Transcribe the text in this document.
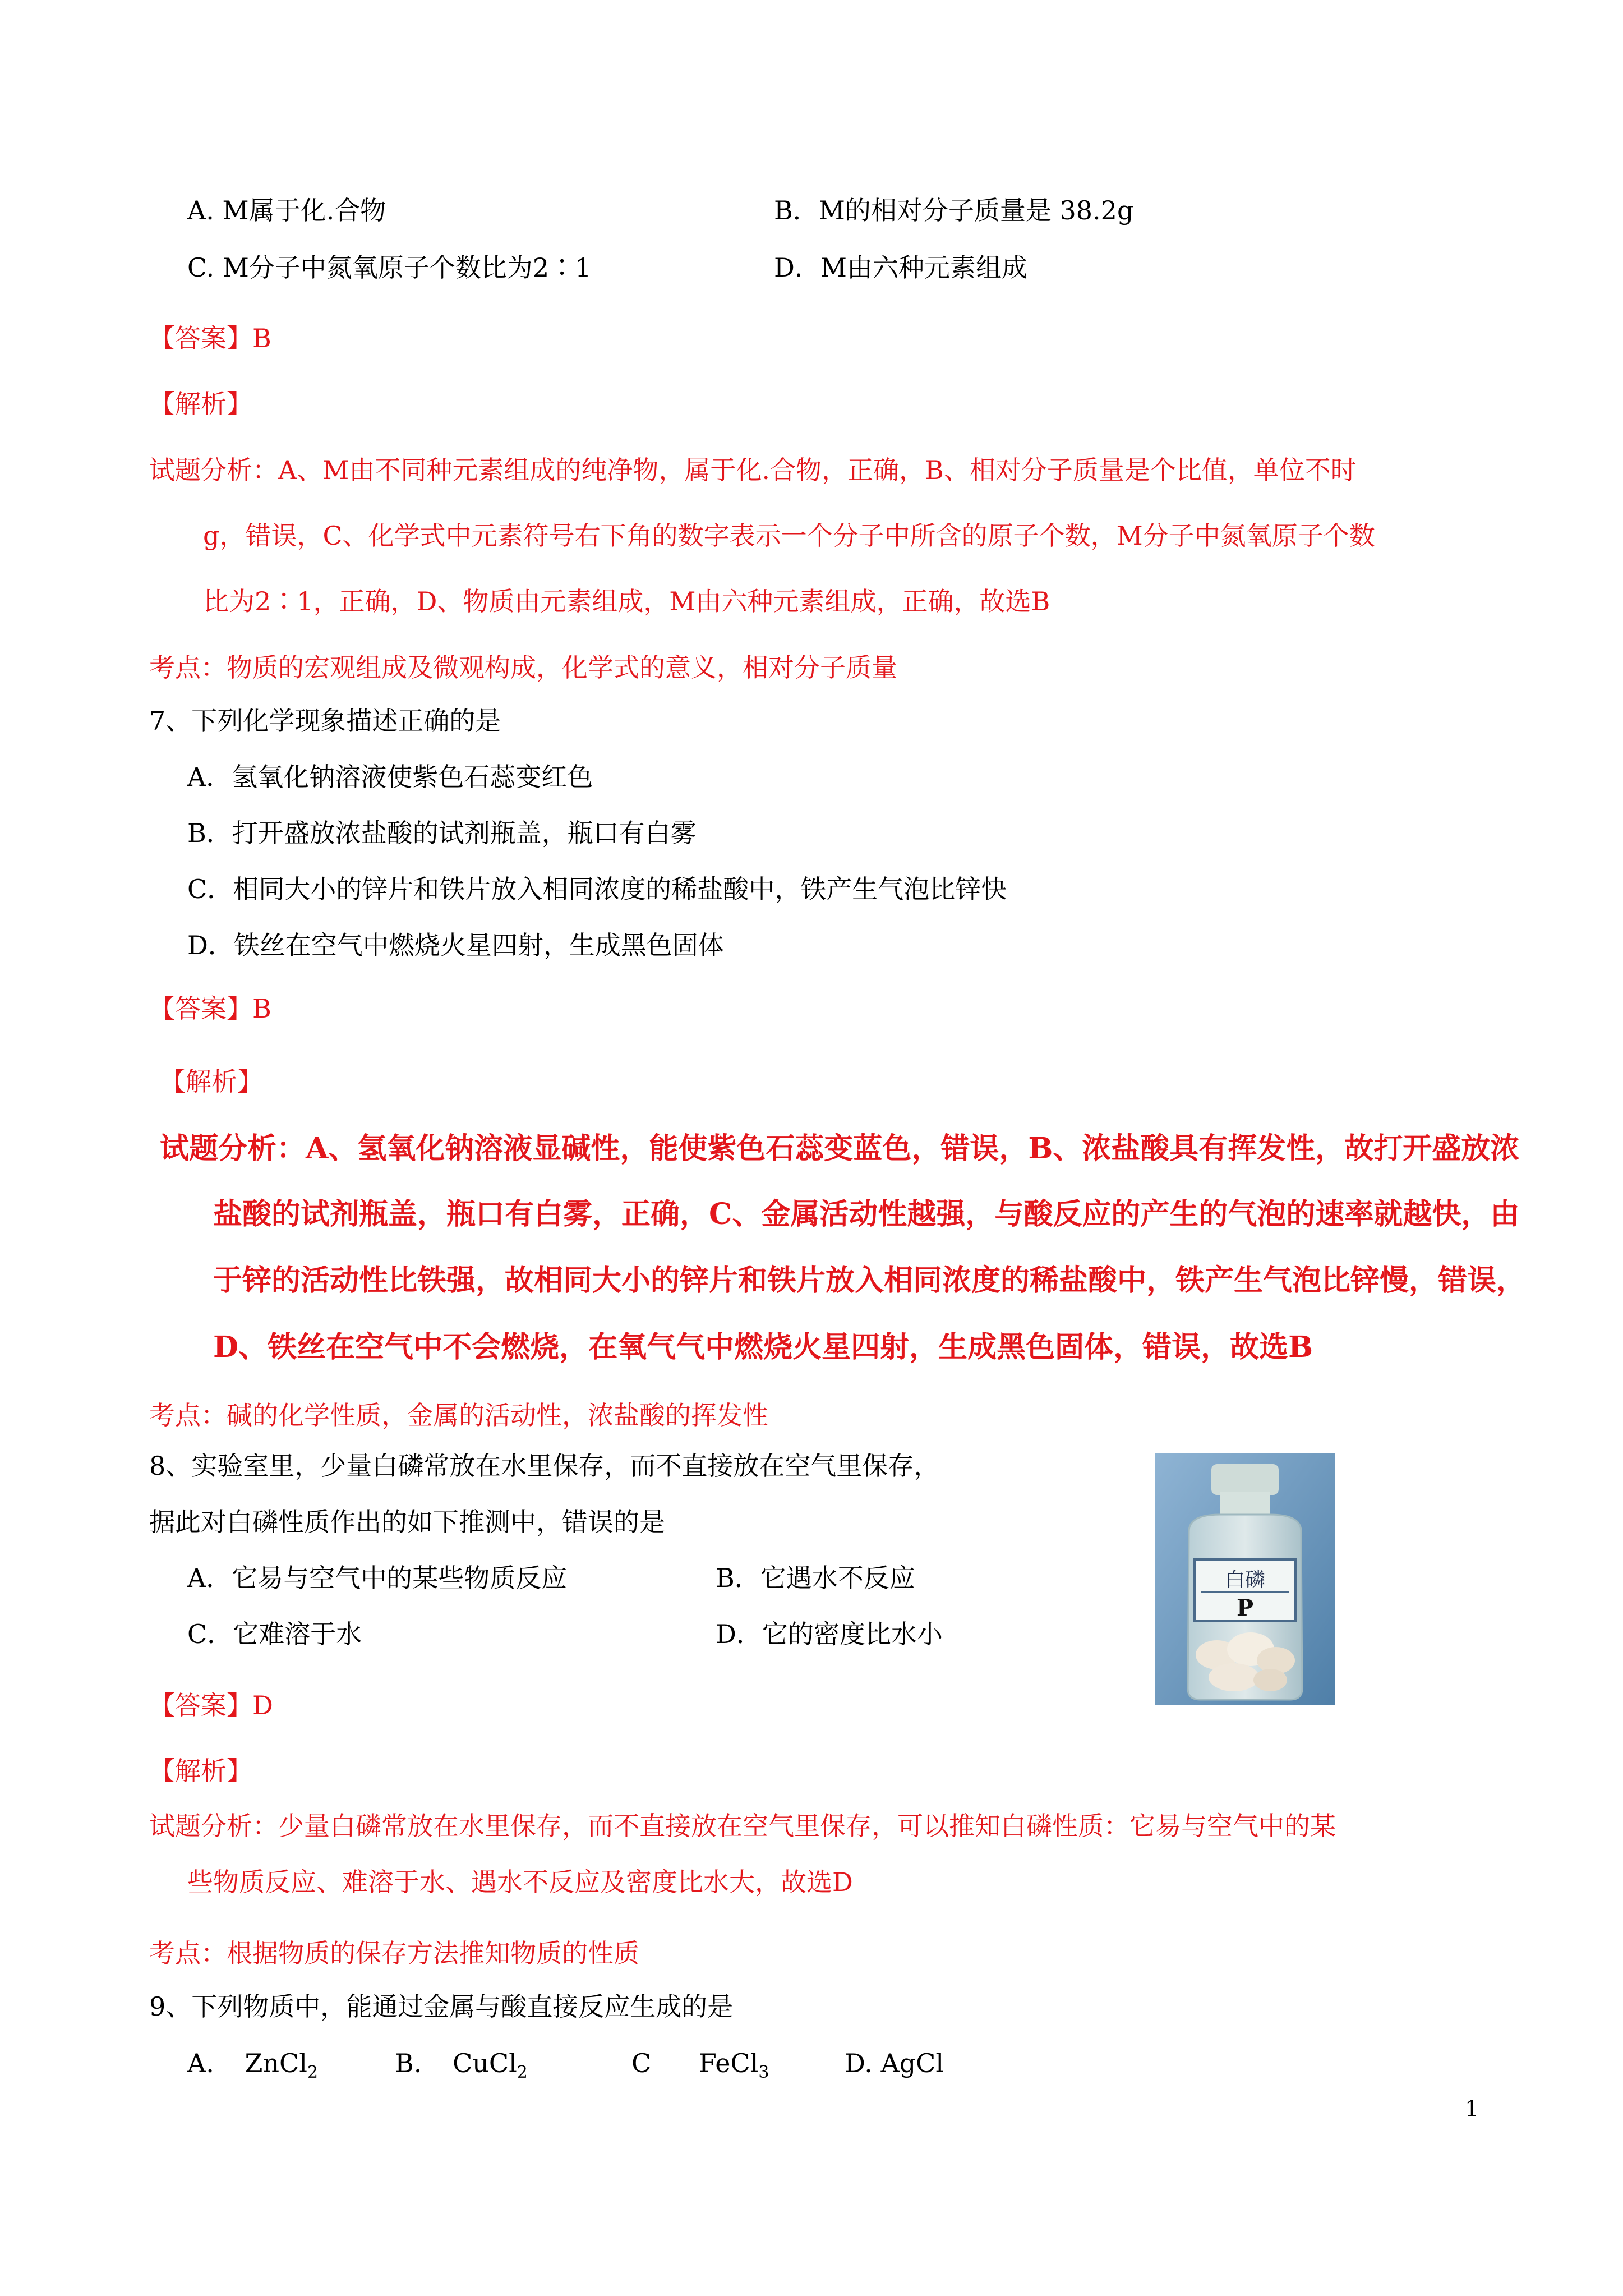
A. M属于化.合物	B．M的相对分子质量是 38.2g
C. M分子中氮氧原子个数比为2∶1	D．M由六种元素组成
【答案】B
【解析】
试题分析：A、M由不同种元素组成的纯净物，属于化.合物，正确，B、相对分子质量是个比值，单位不时
g，错误，C、化学式中元素符号右下角的数字表示一个分子中所含的原子个数，M分子中氮氧原子个数
比为2∶1，正确，D、物质由元素组成，M由六种元素组成，正确，故选B
考点：物质的宏观组成及微观构成，化学式的意义，相对分子质量
7、下列化学现象描述正确的是
A．氢氧化钠溶液使紫色石蕊变红色
B．打开盛放浓盐酸的试剂瓶盖，瓶口有白雾
C．相同大小的锌片和铁片放入相同浓度的稀盐酸中，铁产生气泡比锌快
D．铁丝在空气中燃烧火星四射，生成黑色固体
【答案】B
【解析】
试题分析：A、氢氧化钠溶液显碱性，能使紫色石蕊变蓝色，错误，B、浓盐酸具有挥发性，故打开盛放浓
盐酸的试剂瓶盖，瓶口有白雾，正确，C、金属活动性越强，与酸反应的产生的气泡的速率就越快，由
于锌的活动性比铁强，故相同大小的锌片和铁片放入相同浓度的稀盐酸中，铁产生气泡比锌慢，错误，
D、铁丝在空气中不会燃烧，在氧气气中燃烧火星四射，生成黑色固体，错误，故选B
考点：碱的化学性质，金属的活动性，浓盐酸的挥发性
8、实验室里，少量白磷常放在水里保存，而不直接放在空气里保存，
据此对白磷性质作出的如下推测中，错误的是
A．它易与空气中的某些物质反应	B．它遇水不反应
C．它难溶于水	D．它的密度比水小
白磷
P
【答案】D
【解析】
试题分析：少量白磷常放在水里保存，而不直接放在空气里保存，可以推知白磷性质：它易与空气中的某
些物质反应、难溶于水、遇水不反应及密度比水大，故选D
考点：根据物质的保存方法推知物质的性质
9、下列物质中，能通过金属与酸直接反应生成的是
A. ZnCl$_2$	B. CuCl$_2$	C FeCl$_3$	D. AgCl
1
